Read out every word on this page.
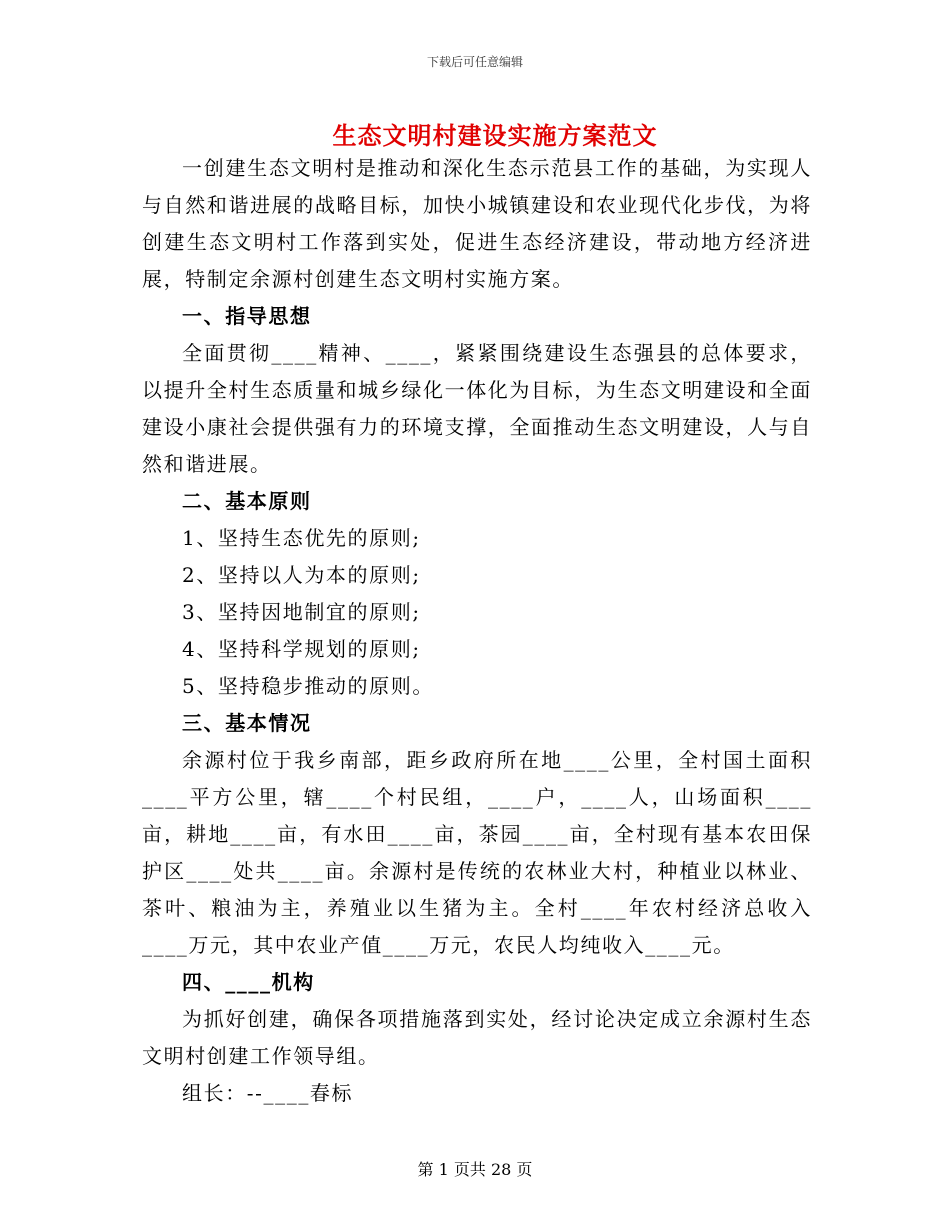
下载后可任意编辑
生态文明村建设实施方案范文

一创建生态文明村是推动和深化生态示范县工作的基础，为实现人与自然和谐进展的战略目标，加快小城镇建设和农业现代化步伐，为将创建生态文明村工作落到实处，促进生态经济建设，带动地方经济进展，特制定余源村创建生态文明村实施方案。

一、指导思想

全面贯彻____精神、____，紧紧围绕建设生态强县的总体要求，以提升全村生态质量和城乡绿化一体化为目标，为生态文明建设和全面建设小康社会提供强有力的环境支撑，全面推动生态文明建设，人与自然和谐进展。

二、基本原则

1、坚持生态优先的原则;

2、坚持以人为本的原则;

3、坚持因地制宜的原则;

4、坚持科学规划的原则;

5、坚持稳步推动的原则。

三、基本情况

余源村位于我乡南部，距乡政府所在地____公里，全村国土面积____平方公里，辖____个村民组，____户，____人，山场面积____亩，耕地____亩，有水田____亩，茶园____亩，全村现有基本农田保护区____处共____亩。余源村是传统的农林业大村，种植业以林业、茶叶、粮油为主，养殖业以生猪为主。全村____年农村经济总收入____万元，其中农业产值____万元，农民人均纯收入____元。

四、____机构

为抓好创建，确保各项措施落到实处，经讨论决定成立余源村生态文明村创建工作领导组。

组长：--____春标

第 1 页共 28 页
